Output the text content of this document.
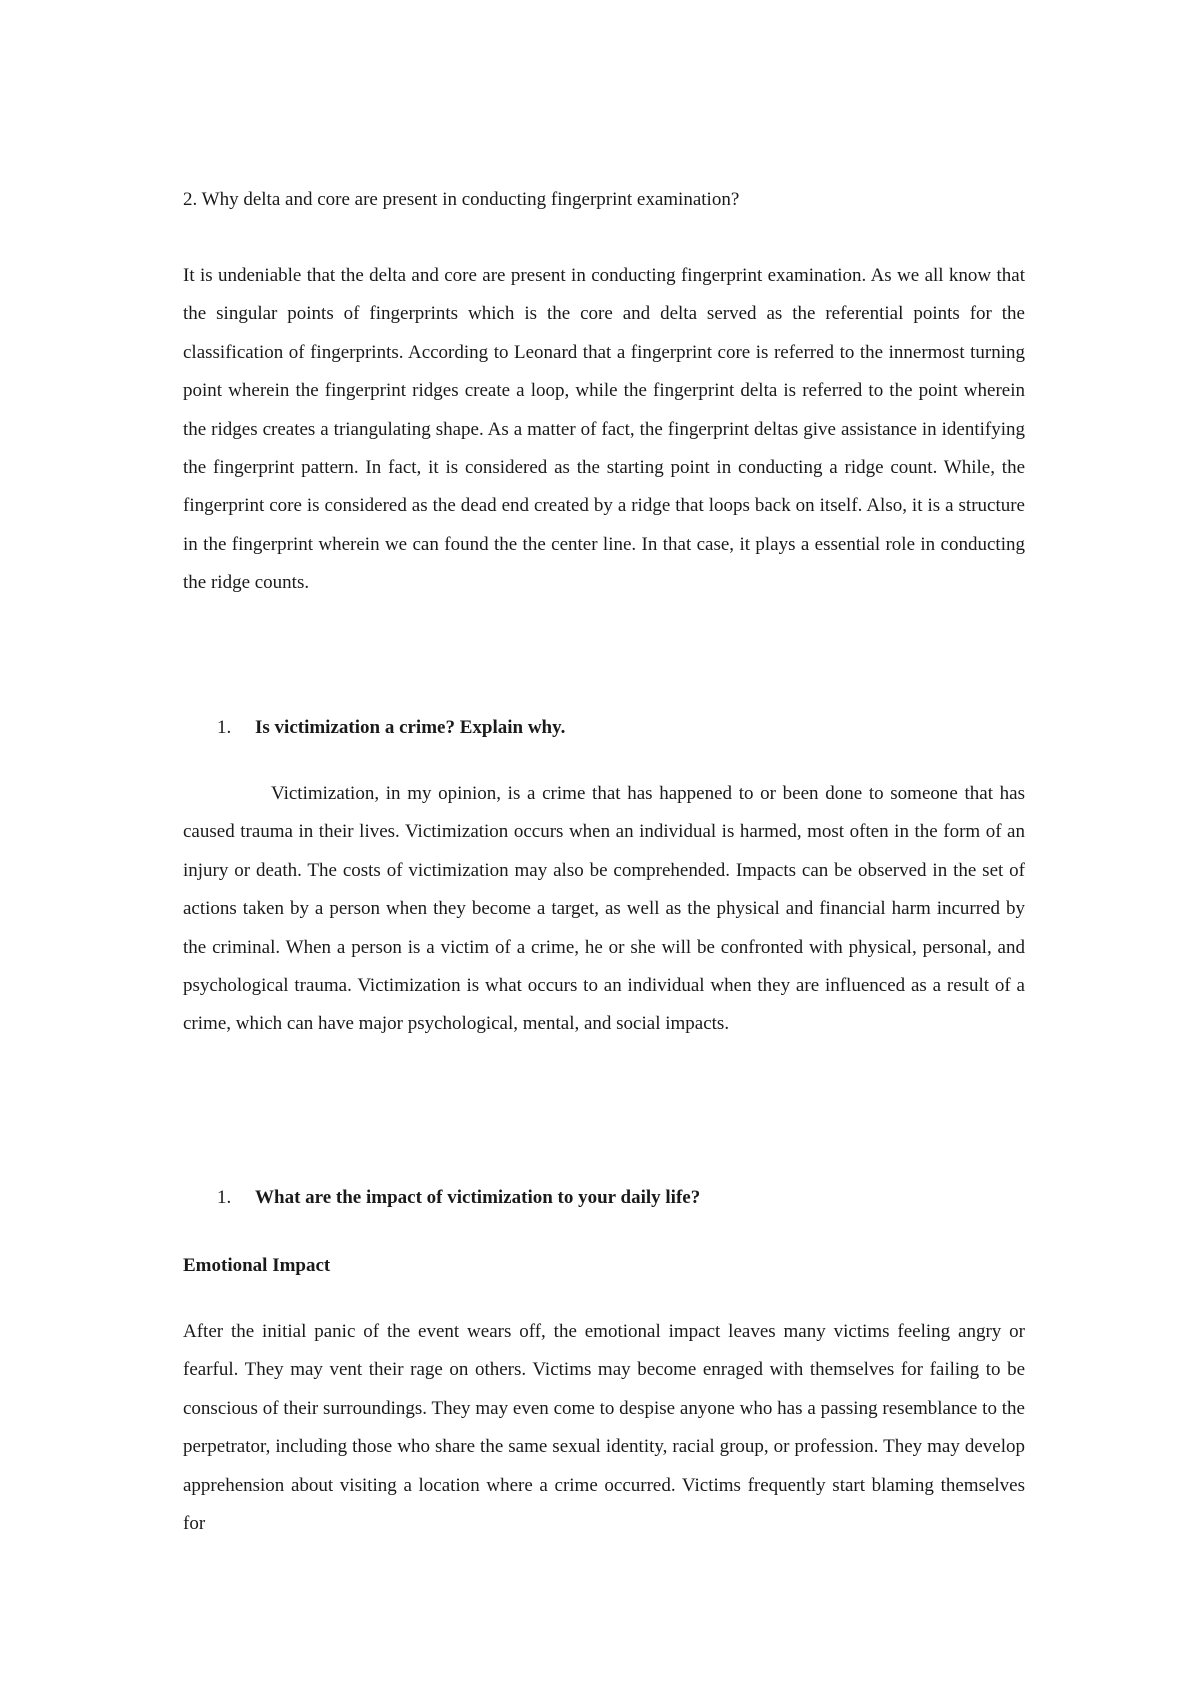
2. Why delta and core are present in conducting fingerprint examination?
It is undeniable that the delta and core are present in conducting fingerprint examination. As we all know that the singular points of fingerprints which is the core and delta served as the referential points for the classification of fingerprints. According to Leonard that a fingerprint core is referred to the innermost turning point wherein the fingerprint ridges create a loop, while the fingerprint delta is referred to the point wherein the ridges creates a triangulating shape. As a matter of fact, the fingerprint deltas give assistance in identifying the fingerprint pattern. In fact, it is considered as the starting point in conducting a ridge count. While, the fingerprint core is considered as the dead end created by a ridge that loops back on itself. Also, it is a structure in the fingerprint wherein we can found the the center line. In that case, it plays a essential role in conducting the ridge counts.
1. Is victimization a crime? Explain why.
Victimization, in my opinion, is a crime that has happened to or been done to someone that has caused trauma in their lives. Victimization occurs when an individual is harmed, most often in the form of an injury or death. The costs of victimization may also be comprehended. Impacts can be observed in the set of actions taken by a person when they become a target, as well as the physical and financial harm incurred by the criminal. When a person is a victim of a crime, he or she will be confronted with physical, personal, and psychological trauma. Victimization is what occurs to an individual when they are influenced as a result of a crime, which can have major psychological, mental, and social impacts.
1. What are the impact of victimization to your daily life?
Emotional Impact
After the initial panic of the event wears off, the emotional impact leaves many victims feeling angry or fearful. They may vent their rage on others. Victims may become enraged with themselves for failing to be conscious of their surroundings. They may even come to despise anyone who has a passing resemblance to the perpetrator, including those who share the same sexual identity, racial group, or profession. They may develop apprehension about visiting a location where a crime occurred. Victims frequently start blaming themselves for
